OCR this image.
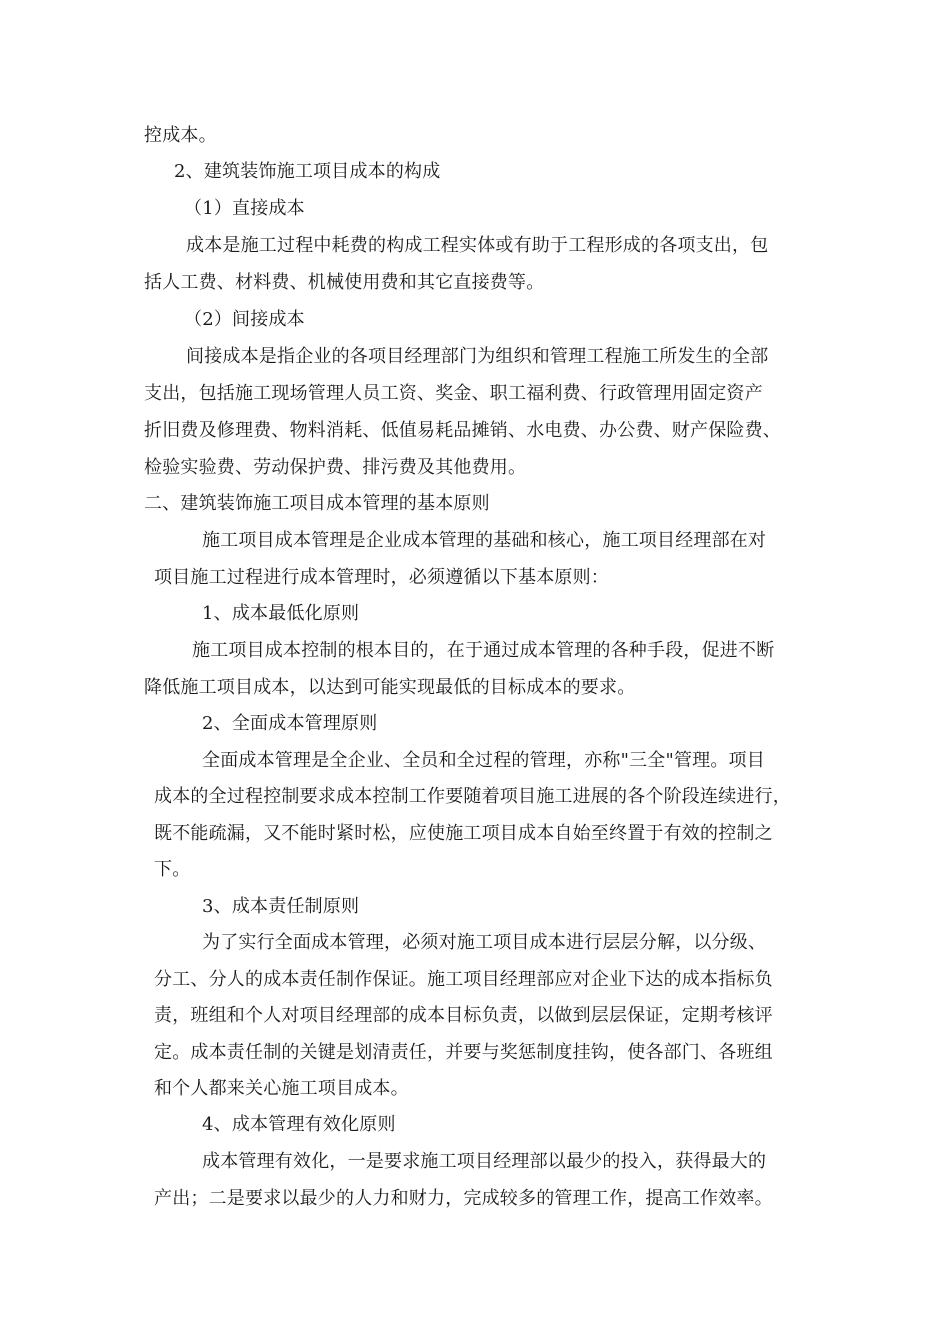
控成本。
2、建筑装饰施工项目成本的构成
（1）直接成本
成本是施工过程中耗费的构成工程实体或有助于工程形成的各项支出，包
括人工费、材料费、机械使用费和其它直接费等。
（2）间接成本
间接成本是指企业的各项目经理部门为组织和管理工程施工所发生的全部
支出，包括施工现场管理人员工资、奖金、职工福利费、行政管理用固定资产
折旧费及修理费、物料消耗、低值易耗品摊销、水电费、办公费、财产保险费、
检验实验费、劳动保护费、排污费及其他费用。
二、建筑装饰施工项目成本管理的基本原则
施工项目成本管理是企业成本管理的基础和核心，施工项目经理部在对
项目施工过程进行成本管理时，必须遵循以下基本原则：
1、成本最低化原则
施工项目成本控制的根本目的，在于通过成本管理的各种手段，促进不断
降低施工项目成本，以达到可能实现最低的目标成本的要求。
2、全面成本管理原则
全面成本管理是全企业、全员和全过程的管理，亦称"三全"管理。项目
成本的全过程控制要求成本控制工作要随着项目施工进展的各个阶段连续进行，
既不能疏漏，又不能时紧时松，应使施工项目成本自始至终置于有效的控制之
下。
3、成本责任制原则
为了实行全面成本管理，必须对施工项目成本进行层层分解，以分级、
分工、分人的成本责任制作保证。施工项目经理部应对企业下达的成本指标负
责，班组和个人对项目经理部的成本目标负责，以做到层层保证，定期考核评
定。成本责任制的关键是划清责任，并要与奖惩制度挂钩，使各部门、各班组
和个人都来关心施工项目成本。
4、成本管理有效化原则
成本管理有效化，一是要求施工项目经理部以最少的投入，获得最大的
产出；二是要求以最少的人力和财力，完成较多的管理工作，提高工作效率。
